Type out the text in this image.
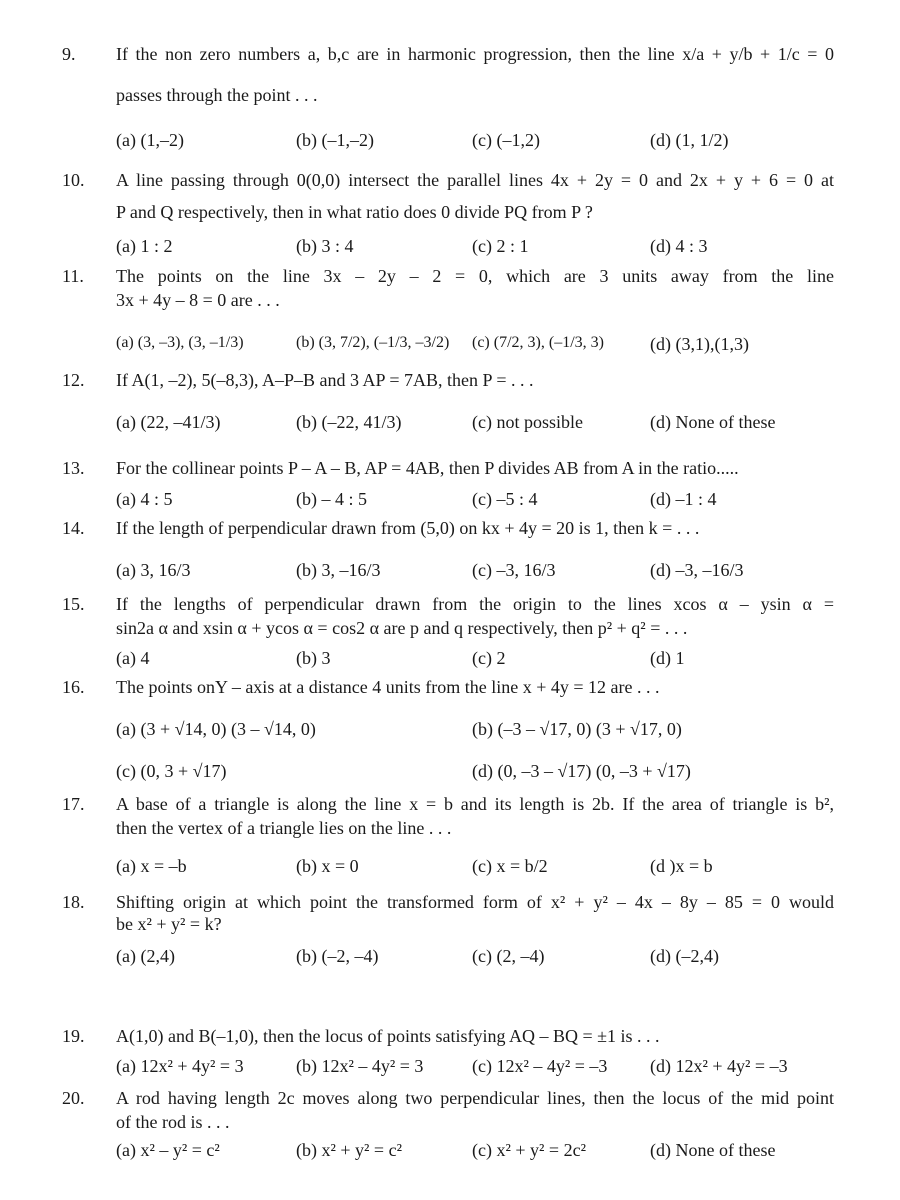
9. If the non zero numbers a, b,c are in harmonic progression, then the line x/a + y/b + 1/c = 0
passes through the point . . .
(a) (1,–2)	(b) (–1,–2)	(c) (–1,2)	(d) (1, 1/2)
10. A line passing through 0(0,0) intersect the parallel lines 4x + 2y = 0 and 2x + y + 6 = 0 at
P and Q respectively, then in what ratio does 0 divide PQ from P ?
(a) 1 : 2	(b) 3 : 4	(c) 2 : 1	(d) 4 : 3
11. The points on the line 3x – 2y – 2 = 0, which are 3 units away from the line
3x + 4y – 8 = 0 are . . .
(a) (3, –3), (3, –1/3)	(b) (3, 7/2), (–1/3, –3/2) (c) (7/2, 3), (–1/3, 3)	(d) (3,1),(1,3)
12. If A(1, –2), 5(–8,3), A–P–B and 3 AP = 7AB, then P = . . .
(a) (22, –41/3)	(b) (–22, 41/3)	(c) not possible	(d) None of these
13. For the collinear points P – A – B, AP = 4AB, then P divides AB from A in the ratio.....
(a) 4 : 5	(b) – 4 : 5	(c) –5 : 4	(d) –1 : 4
14. If the length of perpendicular drawn from (5,0) on kx + 4y = 20 is 1, then k = . . .
(a) 3, 16/3	(b) 3, –16/3	(c) –3, 16/3	(d) –3, –16/3
15. If the lengths of perpendicular drawn from the origin to the lines xcos α – ysin α =
sin2a α and xsin α + ycos α = cos2 α are p and q respectively, then p² + q² = . . .
(a) 4	(b) 3	(c) 2	(d) 1
16. The points onY – axis at a distance 4 units from the line x + 4y = 12 are . . .
(a) (3 + √14, 0) (3 – √14, 0)	(b) (–3 – √17, 0) (3 + √17, 0)
(c) (0, 3 + √17)	(d) (0, –3 – √17) (0, –3 + √17)
17. A base of a triangle is along the line x = b and its length is 2b. If the area of triangle is b²,
then the vertex of a triangle lies on the line . . .
(a) x = –b	(b) x = 0	(c) x = b/2	(d )x = b
18. Shifting origin at which point the transformed form of x² + y² – 4x – 8y – 85 = 0 would
be x² + y² = k?
(a) (2,4)	(b) (–2, –4)	(c) (2, –4)	(d) (–2,4)
19. A(1,0) and B(–1,0), then the locus of points satisfying AQ – BQ = ±1 is . . .
(a) 12x² + 4y² = 3	(b) 12x² – 4y² = 3	(c) 12x² – 4y² = –3 (d) 12x² + 4y² = –3
20. A rod having length 2c moves along two perpendicular lines, then the locus of the mid point
of the rod is . . .
(a) x² – y² = c²	(b) x² + y² = c²	(c) x² + y² = 2c²	(d) None of these
